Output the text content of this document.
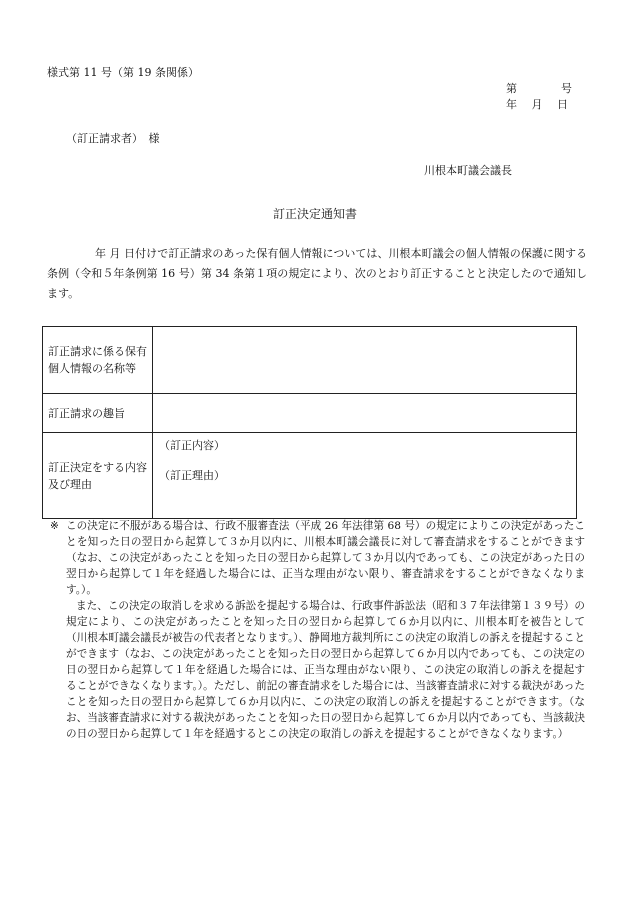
様式第 11 号（第 19 条関係）
第　　　　号
年　 月　 日
（訂正請求者）　様
川根本町議会議長
訂正決定通知書
年 月 日付けで訂正請求のあった保有個人情報については、川根本町議会の個人情報の保護に関する条例（令和５年条例第 16 号）第 34 条第１項の規定により、次のとおり訂正することと決定したので通知します。
訂正請求に係る保有個人情報の名称等	
訂正請求の趣旨	
訂正決定をする内容及び理由	（訂正内容）
（訂正理由）

※ この決定に不服がある場合は、行政不服審査法（平成 26 年法律第 68 号）の規定によりこの決定があったことを知った日の翌日から起算して３か月以内に、川根本町議会議長に対して審査請求をすることができます（なお、この決定があったことを知った日の翌日から起算して３か月以内であっても、この決定があった日の翌日から起算して１年を経過した場合には、正当な理由がない限り、審査請求をすることができなくなります。）。

また、この決定の取消しを求める訴訟を提起する場合は、行政事件訴訟法（昭和３７年法律第１３９号）の規定により、この決定があったことを知った日の翌日から起算して６か月以内に、川根本町を被告として　（川根本町議会議長が被告の代表者となります。）、静岡地方裁判所にこの決定の取消しの訴えを提起することができます（なお、この決定があったことを知った日の翌日から起算して６か月以内であっても、この決定の日の翌日から起算して１年を経過した場合には、正当な理由がない限り、この決定の取消しの訴えを提起することができなくなります。）。ただし、前記の審査請求をした場合には、当該審査請求に対する裁決があったことを知った日の翌日から起算して６か月以内に、この決定の取消しの訴えを提起することができます。（なお、当該審査請求に対する裁決があったことを知った日の翌日から起算して６か月以内であっても、当該裁決の日の翌日から起算して１年を経過するとこの決定の取消しの訴えを提起することができなくなります。）
